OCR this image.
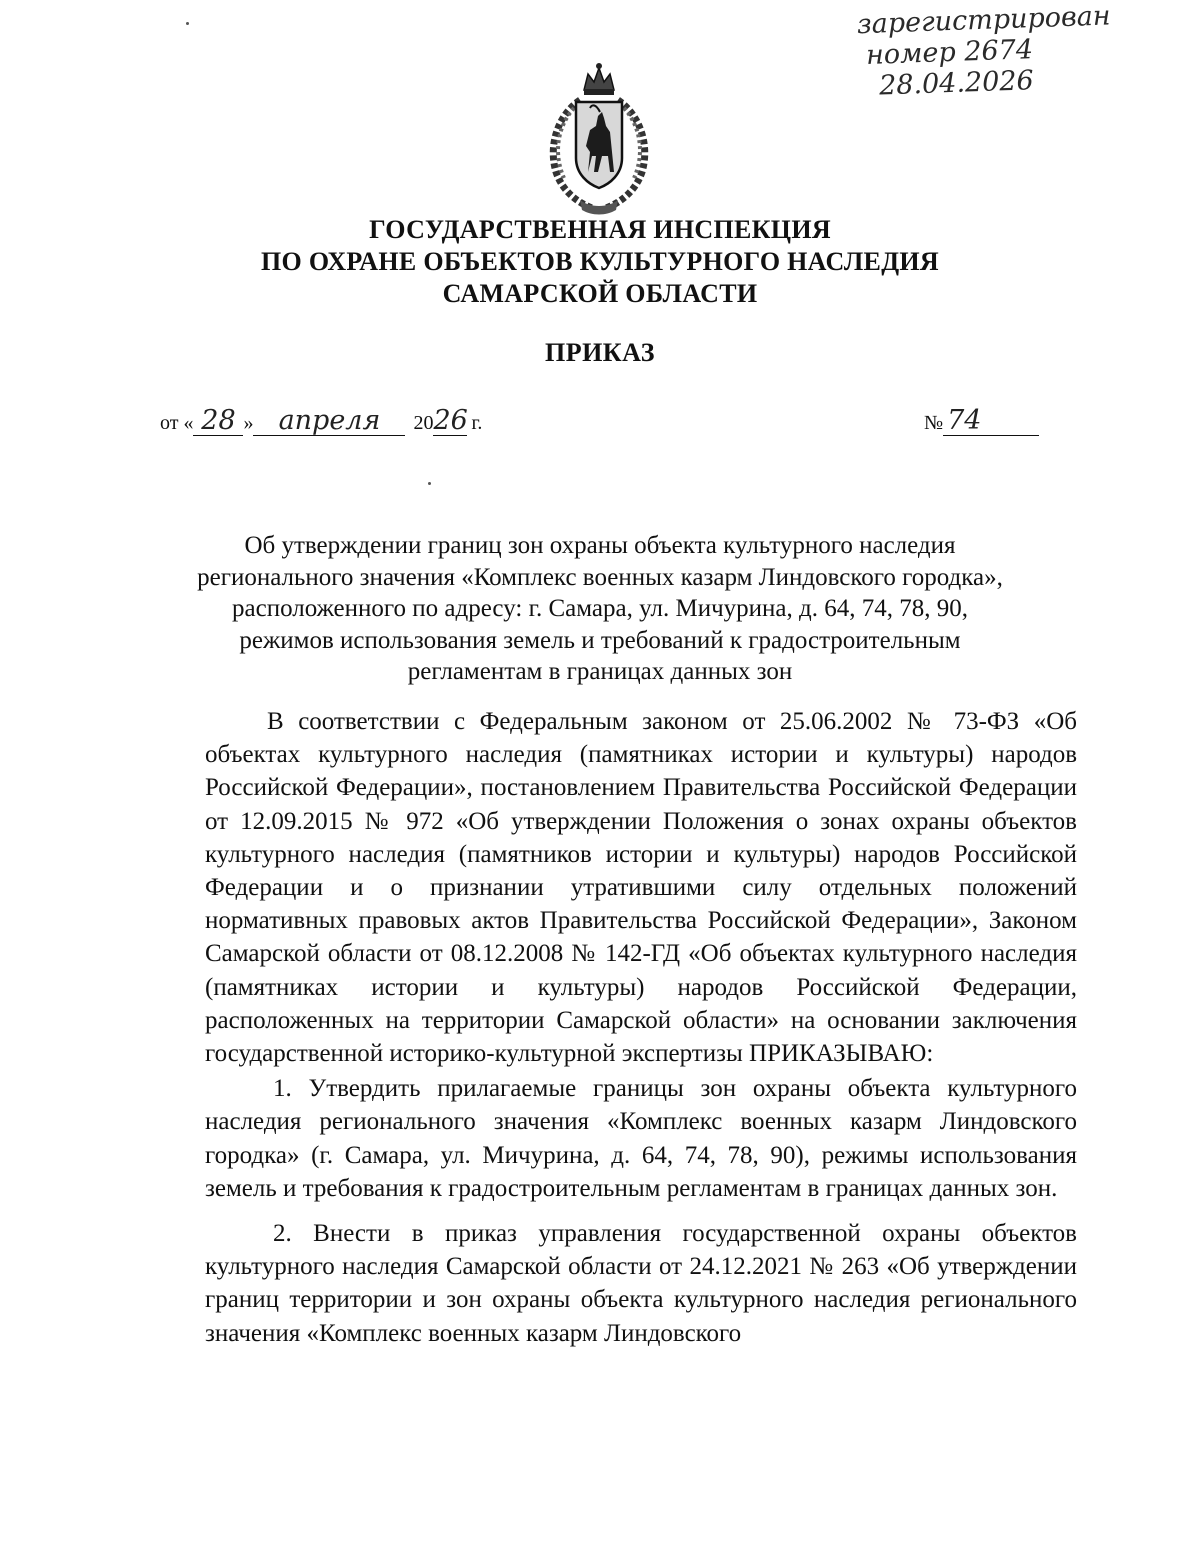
зарегистрирован
номер 2674
28.04.2026
ГОСУДАРСТВЕННАЯ ИНСПЕКЦИЯ
ПО ОХРАНЕ ОБЪЕКТОВ КУЛЬТУРНОГО НАСЛЕДИЯ
САМАРСКОЙ ОБЛАСТИ
ПРИКАЗ
от « 28 » апреля 2026 г.	№ 74
Об утверждении границ зон охраны объекта культурного наследия
регионального значения «Комплекс военных казарм Линдовского городка»,
расположенного по адресу: г. Самара, ул. Мичурина, д. 64, 74, 78, 90,
режимов использования земель и требований к градостроительным
регламентам в границах данных зон

В соответствии с Федеральным законом от 25.06.2002 № 73-ФЗ «Об объектах культурного наследия (памятниках истории и культуры) народов Российской Федерации», постановлением Правительства Российской Федерации от 12.09.2015 № 972 «Об утверждении Положения о зонах охраны объектов культурного наследия (памятников истории и культуры) народов Российской Федерации и о признании утратившими силу отдельных положений нормативных правовых актов Правительства Российской Федерации», Законом Самарской области от 08.12.2008 № 142-ГД «Об объектах культурного наследия (памятниках истории и культуры) народов Российской Федерации, расположенных на территории Самарской области» на основании заключения государственной историко-культурной экспертизы ПРИКАЗЫВАЮ:

1. Утвердить прилагаемые границы зон охраны объекта культурного наследия регионального значения «Комплекс военных казарм Линдовского городка» (г. Самара, ул. Мичурина, д. 64, 74, 78, 90), режимы использования земель и требования к градостроительным регламентам в границах данных зон.

2. Внести в приказ управления государственной охраны объектов культурного наследия Самарской области от 24.12.2021 № 263 «Об утверждении границ территории и зон охраны объекта культурного наследия регионального значения «Комплекс военных казарм Линдовского
